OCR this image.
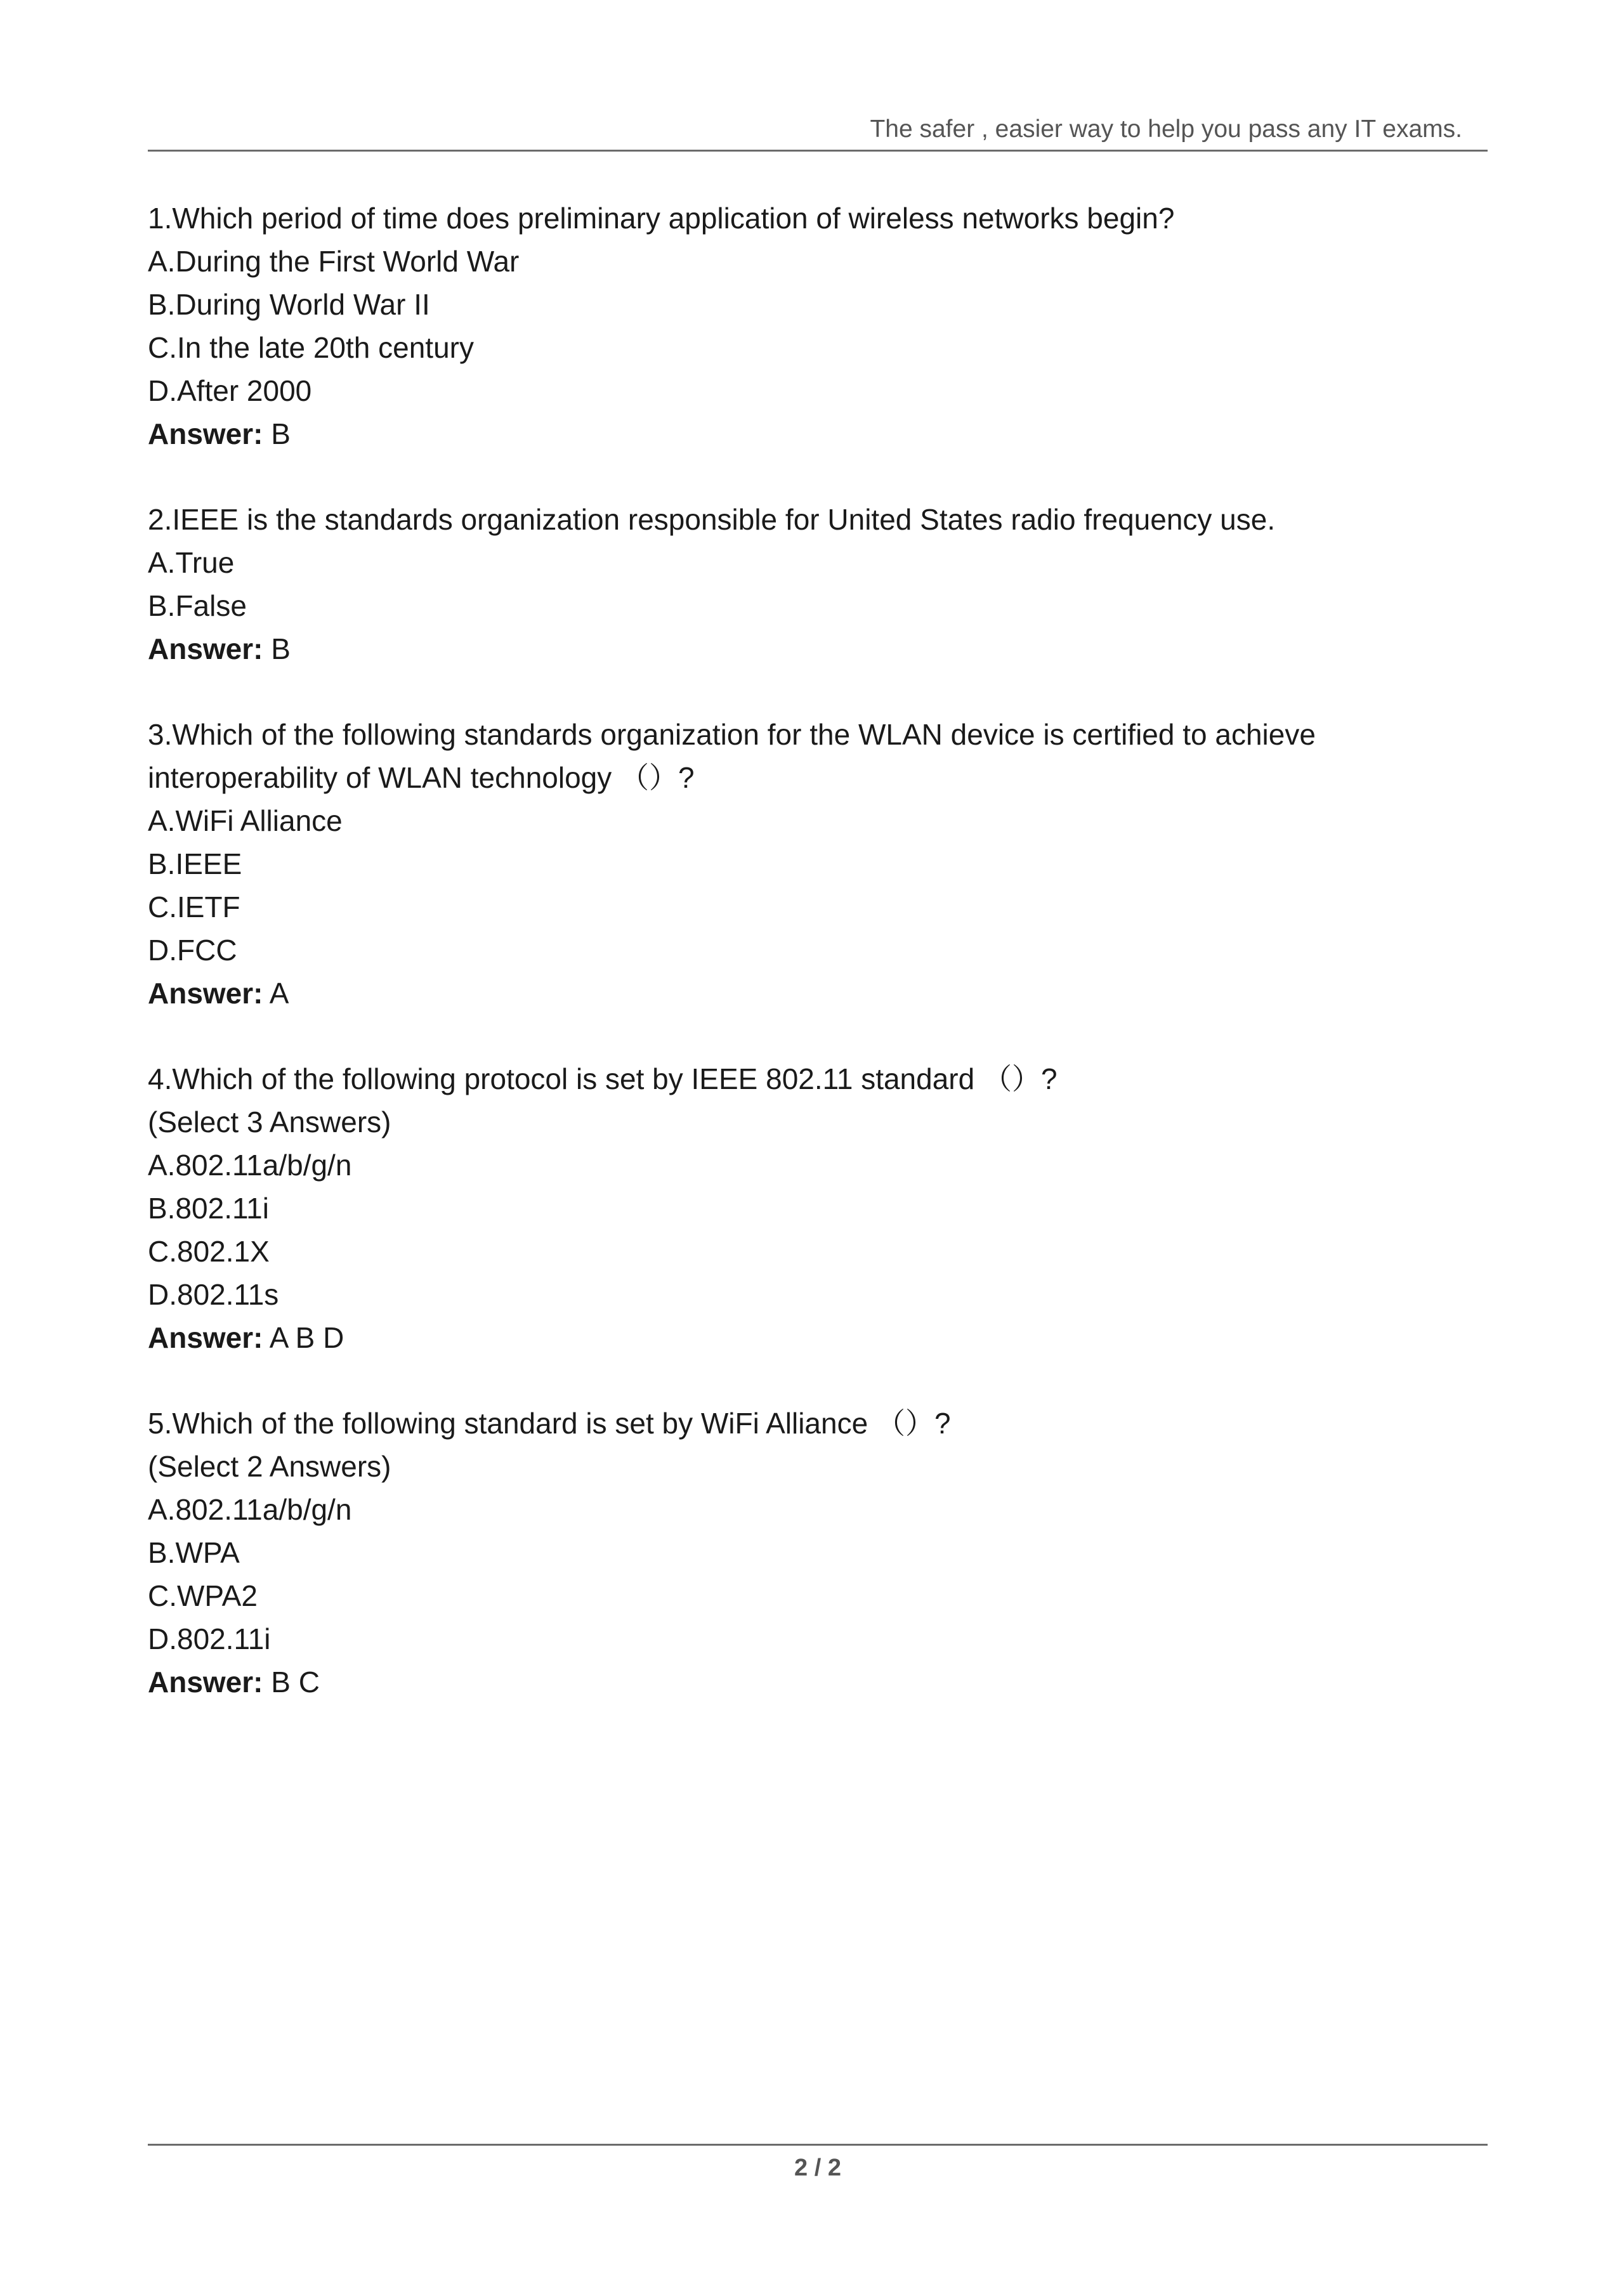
The safer , easier way to help you pass any IT exams.
1.Which period of time does preliminary application of wireless networks begin?
A.During the First World War
B.During World War II
C.In the late 20th century
D.After 2000
Answer: B
2.IEEE is the standards organization responsible for United States radio frequency use.
A.True
B.False
Answer: B
3.Which of the following standards organization for the WLAN device is certified to achieve interoperability of WLAN technology （）?
A.WiFi Alliance
B.IEEE
C.IETF
D.FCC
Answer: A
4.Which of the following protocol is set by IEEE 802.11 standard （）?
(Select 3 Answers)
A.802.11a/b/g/n
B.802.11i
C.802.1X
D.802.11s
Answer: A B D
5.Which of the following standard is set by WiFi Alliance （）?
(Select 2 Answers)
A.802.11a/b/g/n
B.WPA
C.WPA2
D.802.11i
Answer: B C
2 / 2
